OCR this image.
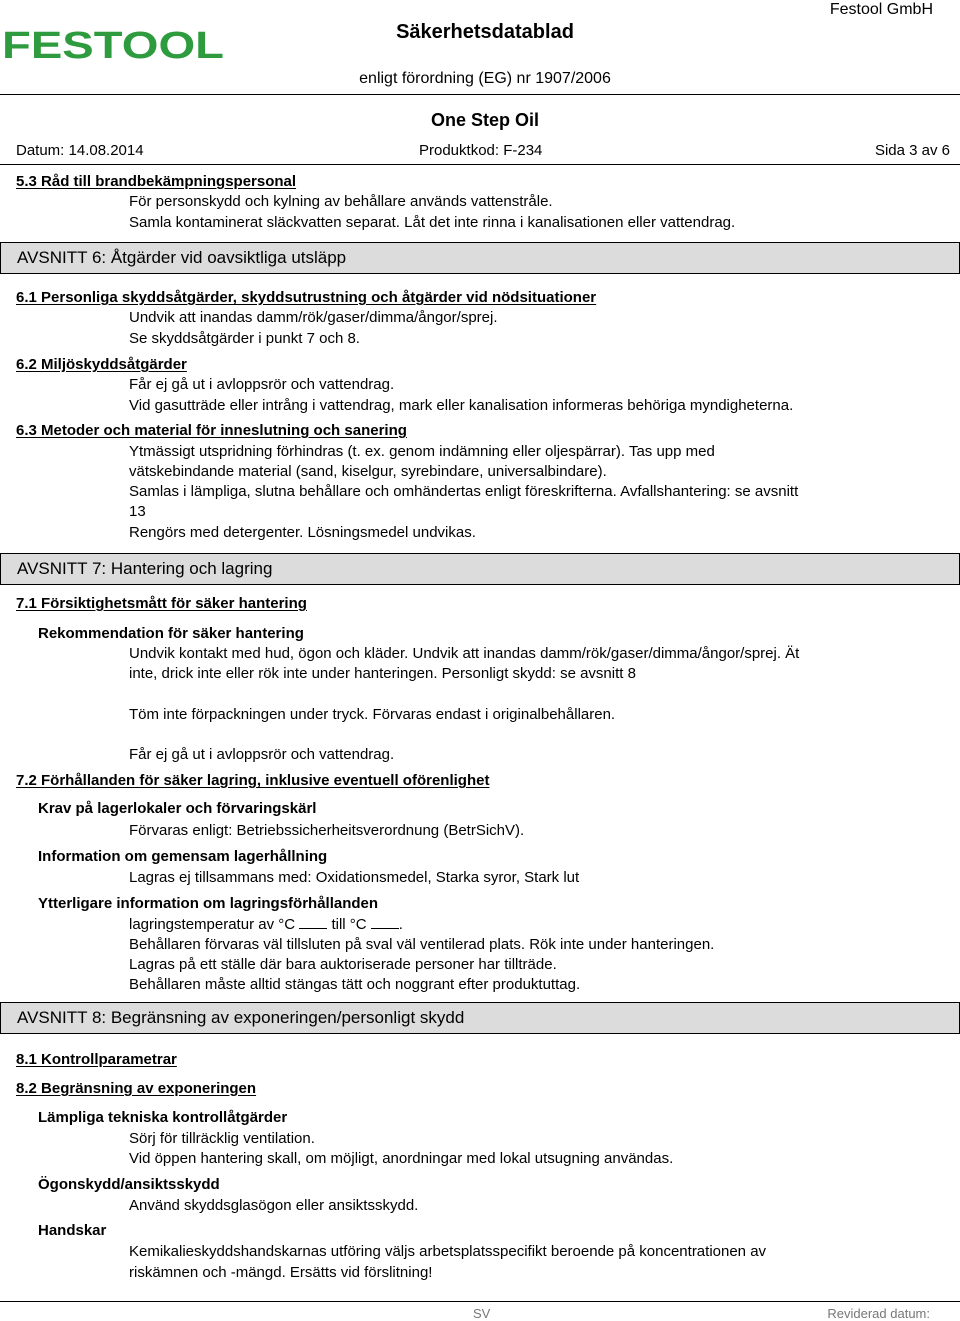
FESTOOL	Säkerhetsdatablad
Festool GmbH
enligt förordning (EG) nr 1907/2006
One Step Oil
Datum: 14.08.2014	Produktkod: F-234	Sida 3 av 6
5.3 Råd till brandbekämpningspersonal
För personskydd och kylning av behållare används vattenstråle.
Samla kontaminerat släckvatten separat. Låt det inte rinna i kanalisationen eller vattendrag.
AVSNITT 6: Åtgärder vid oavsiktliga utsläpp
6.1 Personliga skyddsåtgärder, skyddsutrustning och åtgärder vid nödsituationer
Undvik att inandas damm/rök/gaser/dimma/ångor/sprej.
Se skyddsåtgärder i punkt 7 och 8.
6.2 Miljöskyddsåtgärder
Får ej gå ut i avloppsrör och vattendrag.
Vid gasutträde eller intrång i vattendrag, mark eller kanalisation informeras behöriga myndigheterna.
6.3 Metoder och material för inneslutning och sanering
Ytmässigt utspridning förhindras (t. ex. genom indämning eller oljespärrar). Tas upp med
vätskebindande material (sand, kiselgur, syrebindare, universalbindare).
Samlas i lämpliga, slutna behållare och omhändertas enligt föreskrifterna. Avfallshantering: se avsnitt
13
Rengörs med detergenter. Lösningsmedel undvikas.
AVSNITT 7: Hantering och lagring
7.1 Försiktighetsmått för säker hantering
Rekommendation för säker hantering
Undvik kontakt med hud, ögon och kläder. Undvik att inandas damm/rök/gaser/dimma/ångor/sprej. Ät
inte, drick inte eller rök inte under hanteringen. Personligt skydd: se avsnitt 8
Töm inte förpackningen under tryck. Förvaras endast i originalbehållaren.
Får ej gå ut i avloppsrör och vattendrag.
7.2 Förhållanden för säker lagring, inklusive eventuell oförenlighet
Krav på lagerlokaler och förvaringskärl
Förvaras enligt: Betriebssicherheitsverordnung (BetrSichV).
Information om gemensam lagerhållning
Lagras ej tillsammans med: Oxidationsmedel, Starka syror, Stark lut
Ytterligare information om lagringsförhållanden
lagringstemperatur av °C till °C .
Behållaren förvaras väl tillsluten på sval väl ventilerad plats. Rök inte under hanteringen.
Lagras på ett ställe där bara auktoriserade personer har tillträde.
Behållaren måste alltid stängas tätt och noggrant efter produktuttag.
AVSNITT 8: Begränsning av exponeringen/personligt skydd
8.1 Kontrollparametrar
8.2 Begränsning av exponeringen
Lämpliga tekniska kontrollåtgärder
Sörj för tillräcklig ventilation.
Vid öppen hantering skall, om möjligt, anordningar med lokal utsugning användas.
Ögonskydd/ansiktsskydd
Använd skyddsglasögon eller ansiktsskydd.
Handskar
Kemikalieskyddshandskarnas utföring väljs arbetsplatsspecifikt beroende på koncentrationen av
riskämnen och -mängd. Ersätts vid förslitning!
SV	Reviderad datum:
